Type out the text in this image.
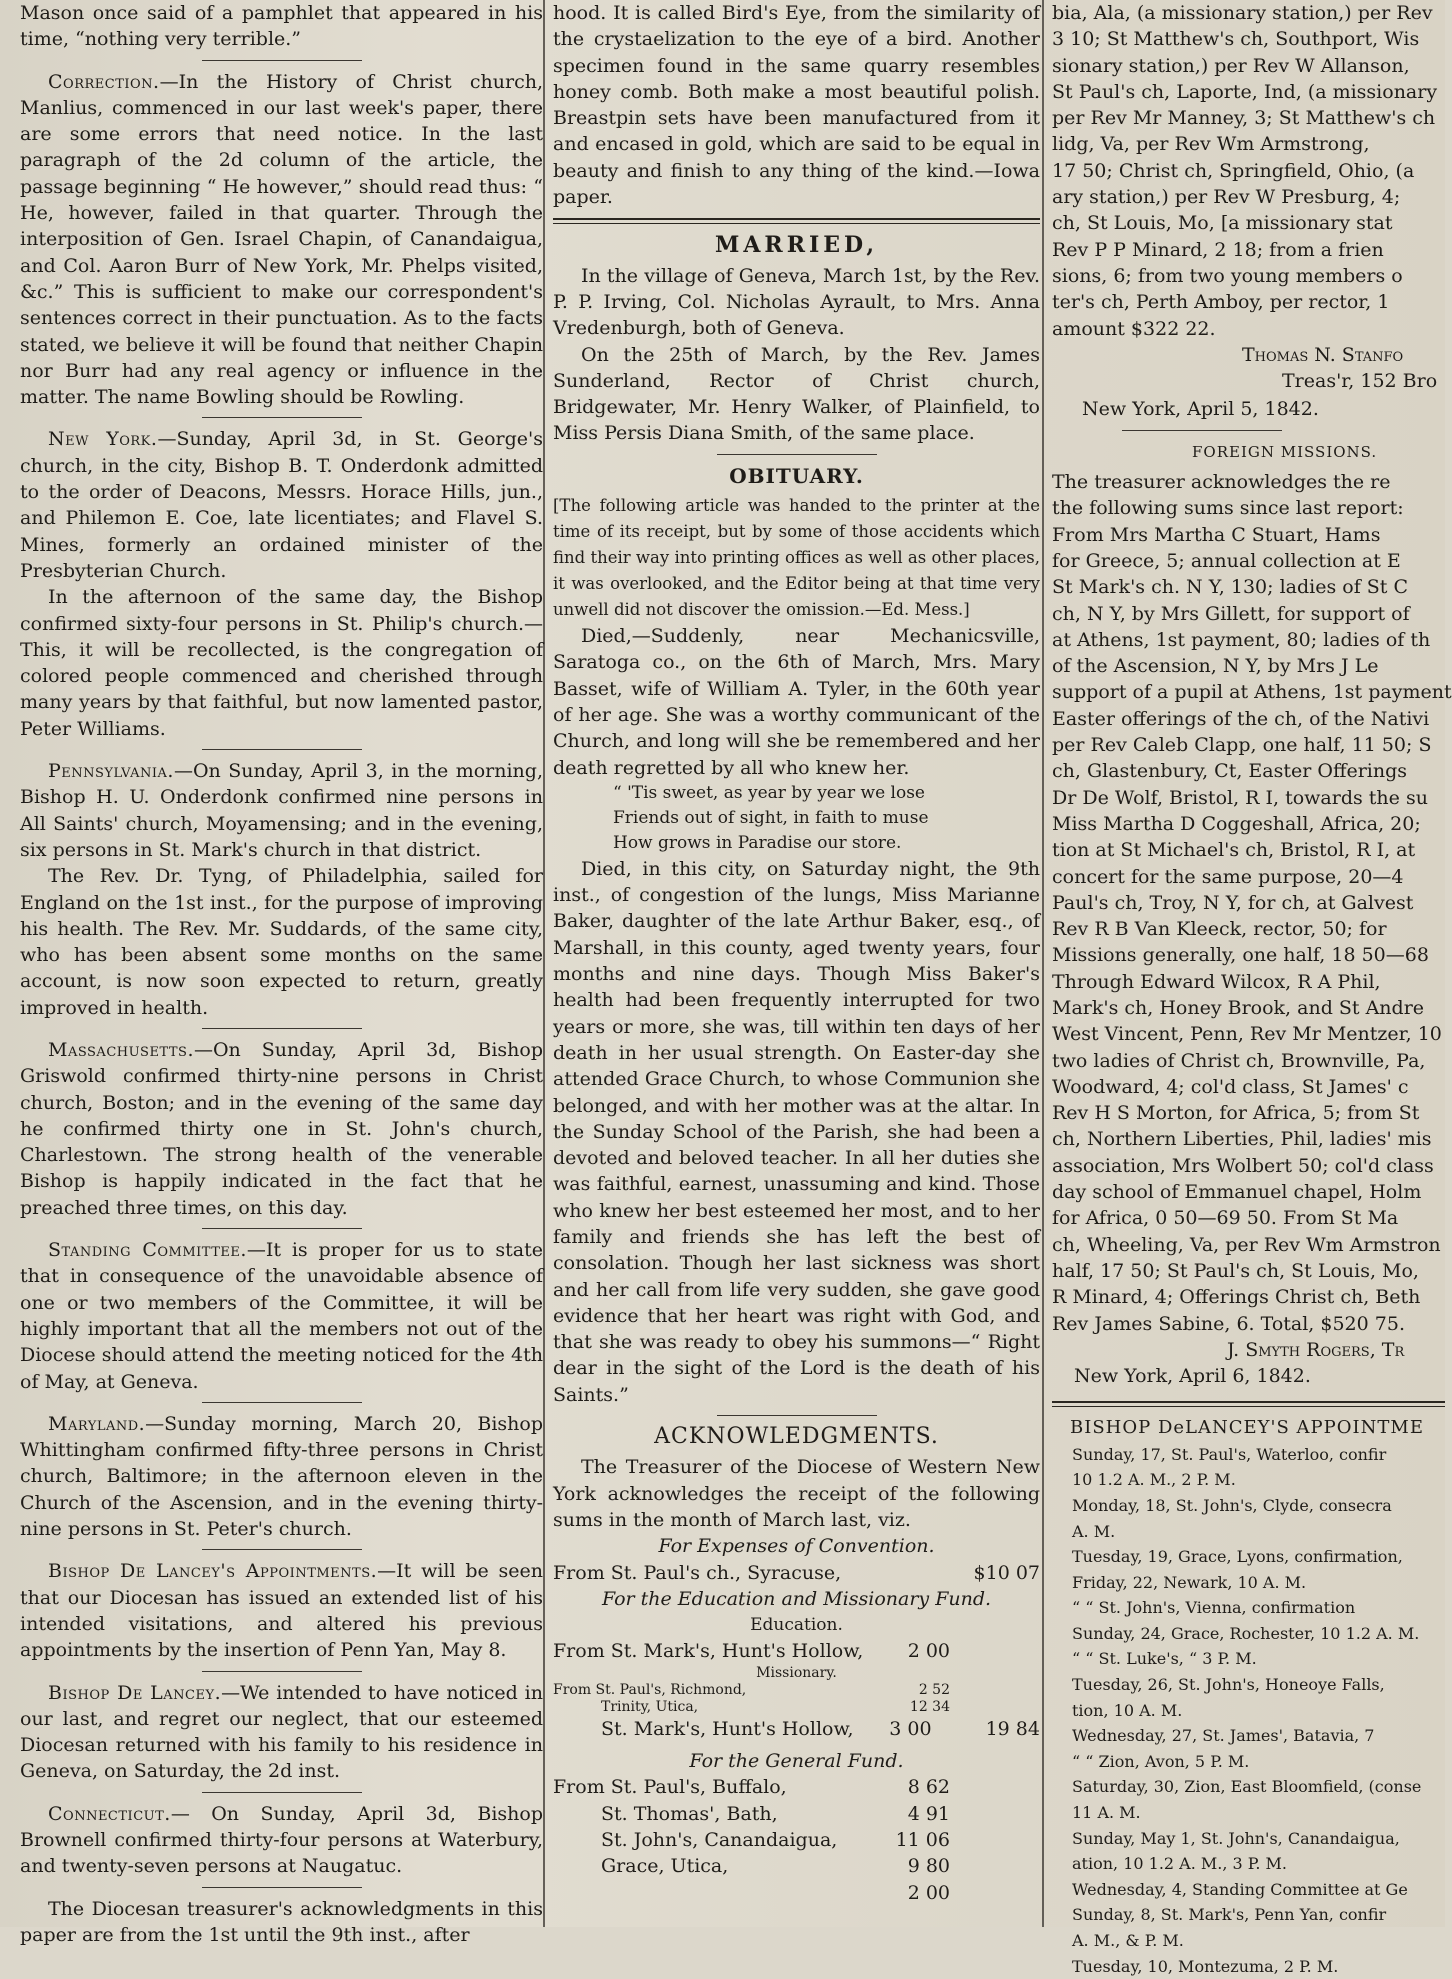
Mason once said of a pamphlet that appeared in his time, “nothing very terrible.”

Correction.—In the History of Christ church, Manlius, commenced in our last week's paper, there are some errors that need notice. In the last paragraph of the 2d column of the article, the passage beginning “ He however,” should read thus: “ He, however, failed in that quarter. Through the interposition of Gen. Israel Chapin, of Canandaigua, and Col. Aaron Burr of New York, Mr. Phelps visited, &c.” This is sufficient to make our correspondent's sentences correct in their punctuation. As to the facts stated, we believe it will be found that neither Chapin nor Burr had any real agency or influence in the matter. The name Bowling should be Rowling.

New York.—Sunday, April 3d, in St. George's church, in the city, Bishop B. T. Onderdonk admitted to the order of Deacons, Messrs. Horace Hills, jun., and Philemon E. Coe, late licentiates; and Flavel S. Mines, formerly an ordained minister of the Presbyterian Church.

In the afternoon of the same day, the Bishop confirmed sixty-four persons in St. Philip's church.— This, it will be recollected, is the congregation of colored people commenced and cherished through many years by that faithful, but now lamented pastor, Peter Williams.

Pennsylvania.—On Sunday, April 3, in the morning, Bishop H. U. Onderdonk confirmed nine persons in All Saints' church, Moyamensing; and in the evening, six persons in St. Mark's church in that district.

The Rev. Dr. Tyng, of Philadelphia, sailed for England on the 1st inst., for the purpose of improving his health. The Rev. Mr. Suddards, of the same city, who has been absent some months on the same account, is now soon expected to return, greatly improved in health.

Massachusetts.—On Sunday, April 3d, Bishop Griswold confirmed thirty-nine persons in Christ church, Boston; and in the evening of the same day he confirmed thirty one in St. John's church, Charlestown. The strong health of the venerable Bishop is happily indicated in the fact that he preached three times, on this day.

Standing Committee.—It is proper for us to state that in consequence of the unavoidable absence of one or two members of the Committee, it will be highly important that all the members not out of the Diocese should attend the meeting noticed for the 4th of May, at Geneva.

Maryland.—Sunday morning, March 20, Bishop Whittingham confirmed fifty-three persons in Christ church, Baltimore; in the afternoon eleven in the Church of the Ascension, and in the evening thirty-nine persons in St. Peter's church.

Bishop De Lancey's Appointments.—It will be seen that our Diocesan has issued an extended list of his intended visitations, and altered his previous appointments by the insertion of Penn Yan, May 8.

Bishop De Lancey.—We intended to have noticed in our last, and regret our neglect, that our esteemed Diocesan returned with his family to his residence in Geneva, on Saturday, the 2d inst.

Connecticut.— On Sunday, April 3d, Bishop Brownell confirmed thirty-four persons at Waterbury, and twenty-seven persons at Naugatuc.

The Diocesan treasurer's acknowledgments in this paper are from the 1st until the 9th inst., after

hood. It is called Bird's Eye, from the similarity of the crystaelization to the eye of a bird. Another specimen found in the same quarry resembles honey comb. Both make a most beautiful polish. Breastpin sets have been manufactured from it and encased in gold, which are said to be equal in beauty and finish to any thing of the kind.—Iowa paper.

MARRIED,

In the village of Geneva, March 1st, by the Rev. P. P. Irving, Col. Nicholas Ayrault, to Mrs. Anna Vredenburgh, both of Geneva.

On the 25th of March, by the Rev. James Sunderland, Rector of Christ church, Bridgewater, Mr. Henry Walker, of Plainfield, to Miss Persis Diana Smith, of the same place.

OBITUARY.

[The following article was handed to the printer at the time of its receipt, but by some of those accidents which find their way into printing offices as well as other places, it was overlooked, and the Editor being at that time very unwell did not discover the omission.—Ed. Mess.]

Died,—Suddenly, near Mechanicsville, Saratoga co., on the 6th of March, Mrs. Mary Basset, wife of William A. Tyler, in the 60th year of her age. She was a worthy communicant of the Church, and long will she be remembered and her death regretted by all who knew her.

“ 'Tis sweet, as year by year we lose

Friends out of sight, in faith to muse

How grows in Paradise our store.

Died, in this city, on Saturday night, the 9th inst., of congestion of the lungs, Miss Marianne Baker, daughter of the late Arthur Baker, esq., of Marshall, in this county, aged twenty years, four months and nine days. Though Miss Baker's health had been frequently interrupted for two years or more, she was, till within ten days of her death in her usual strength. On Easter-day she attended Grace Church, to whose Communion she belonged, and with her mother was at the altar. In the Sunday School of the Parish, she had been a devoted and beloved teacher. In all her duties she was faithful, earnest, unassuming and kind. Those who knew her best esteemed her most, and to her family and friends she has left the best of consolation. Though her last sickness was short and her call from life very sudden, she gave good evidence that her heart was right with God, and that she was ready to obey his summons—“ Right dear in the sight of the Lord is the death of his Saints.”

ACKNOWLEDGMENTS.

The Treasurer of the Diocese of Western New York acknowledges the receipt of the following sums in the month of March last, viz.

For Expenses of Convention.
From St. Paul's ch., Syracuse,	$10 07
For the Education and Missionary Fund.
Education.
From St. Mark's, Hunt's Hollow, 2 00
Missionary.
From St. Paul's, Richmond,	2 52
Trinity, Utica,	12 34
St. Mark's, Hunt's Hollow, 3 00	19 84
For the General Fund.
From St. Paul's, Buffalo,	8 62
St. Thomas', Bath,	4 91
St. John's, Canandaigua,	11 06
Grace, Utica,	9 80
2 00
bia, Ala, (a missionary station,) per Rev
3 10; St Matthew's ch, Southport, Wis
sionary station,) per Rev W Allanson,
St Paul's ch, Laporte, Ind, (a missionary
per Rev Mr Manney, 3; St Matthew's ch
lidg, Va, per Rev Wm Armstrong,
17 50; Christ ch, Springfield, Ohio, (a
ary station,) per Rev W Presburg, 4;
ch, St Louis, Mo, [a missionary stat
Rev P P Minard, 2 18; from a frien
sions, 6; from two young members o
ter's ch, Perth Amboy, per rector, 1
amount $322 22.
Thomas N. Stanfo
Treas'r, 152 Bro
New York, April 5, 1842.
FOREIGN MISSIONS.
The treasurer acknowledges the re
the following sums since last report:
From Mrs Martha C Stuart, Hams
for Greece, 5; annual collection at E
St Mark's ch. N Y, 130; ladies of St C
ch, N Y, by Mrs Gillett, for support of
at Athens, 1st payment, 80; ladies of th
of the Ascension, N Y, by Mrs J Le
support of a pupil at Athens, 1st payment
Easter offerings of the ch, of the Nativi
per Rev Caleb Clapp, one half, 11 50; S
ch, Glastenbury, Ct, Easter Offerings
Dr De Wolf, Bristol, R I, towards the su
Miss Martha D Coggeshall, Africa, 20;
tion at St Michael's ch, Bristol, R I, at
concert for the same purpose, 20—4
Paul's ch, Troy, N Y, for ch, at Galvest
Rev R B Van Kleeck, rector, 50; for
Missions generally, one half, 18 50—68
Through Edward Wilcox, R A Phil,
Mark's ch, Honey Brook, and St Andre
West Vincent, Penn, Rev Mr Mentzer, 10
two ladies of Christ ch, Brownville, Pa,
Woodward, 4; col'd class, St James' c
Rev H S Morton, for Africa, 5; from St
ch, Northern Liberties, Phil, ladies' mis
association, Mrs Wolbert 50; col'd class
day school of Emmanuel chapel, Holm
for Africa, 0 50—69 50. From St Ma
ch, Wheeling, Va, per Rev Wm Armstron
half, 17 50; St Paul's ch, St Louis, Mo,
R Minard, 4; Offerings Christ ch, Beth
Rev James Sabine, 6. Total, $520 75.
J. Smyth Rogers, Tr
New York, April 6, 1842.
BISHOP DeLANCEY'S APPOINTME
Sunday, 17, St. Paul's, Waterloo, confir
10 1.2 A. M., 2 P. M.
Monday, 18, St. John's, Clyde, consecra
A. M.
Tuesday, 19, Grace, Lyons, confirmation,
Friday, 22, Newark, 10 A. M.
“ “ St. John's, Vienna, confirmation
Sunday, 24, Grace, Rochester, 10 1.2 A. M.
“ “ St. Luke's, “ 3 P. M.
Tuesday, 26, St. John's, Honeoye Falls,
tion, 10 A. M.
Wednesday, 27, St. James', Batavia, 7
“ “ Zion, Avon, 5 P. M.
Saturday, 30, Zion, East Bloomfield, (conse
11 A. M.
Sunday, May 1, St. John's, Canandaigua,
ation, 10 1.2 A. M., 3 P. M.
Wednesday, 4, Standing Committee at Ge
Sunday, 8, St. Mark's, Penn Yan, confir
A. M., & P. M.
Tuesday, 10, Montezuma, 2 P. M.
